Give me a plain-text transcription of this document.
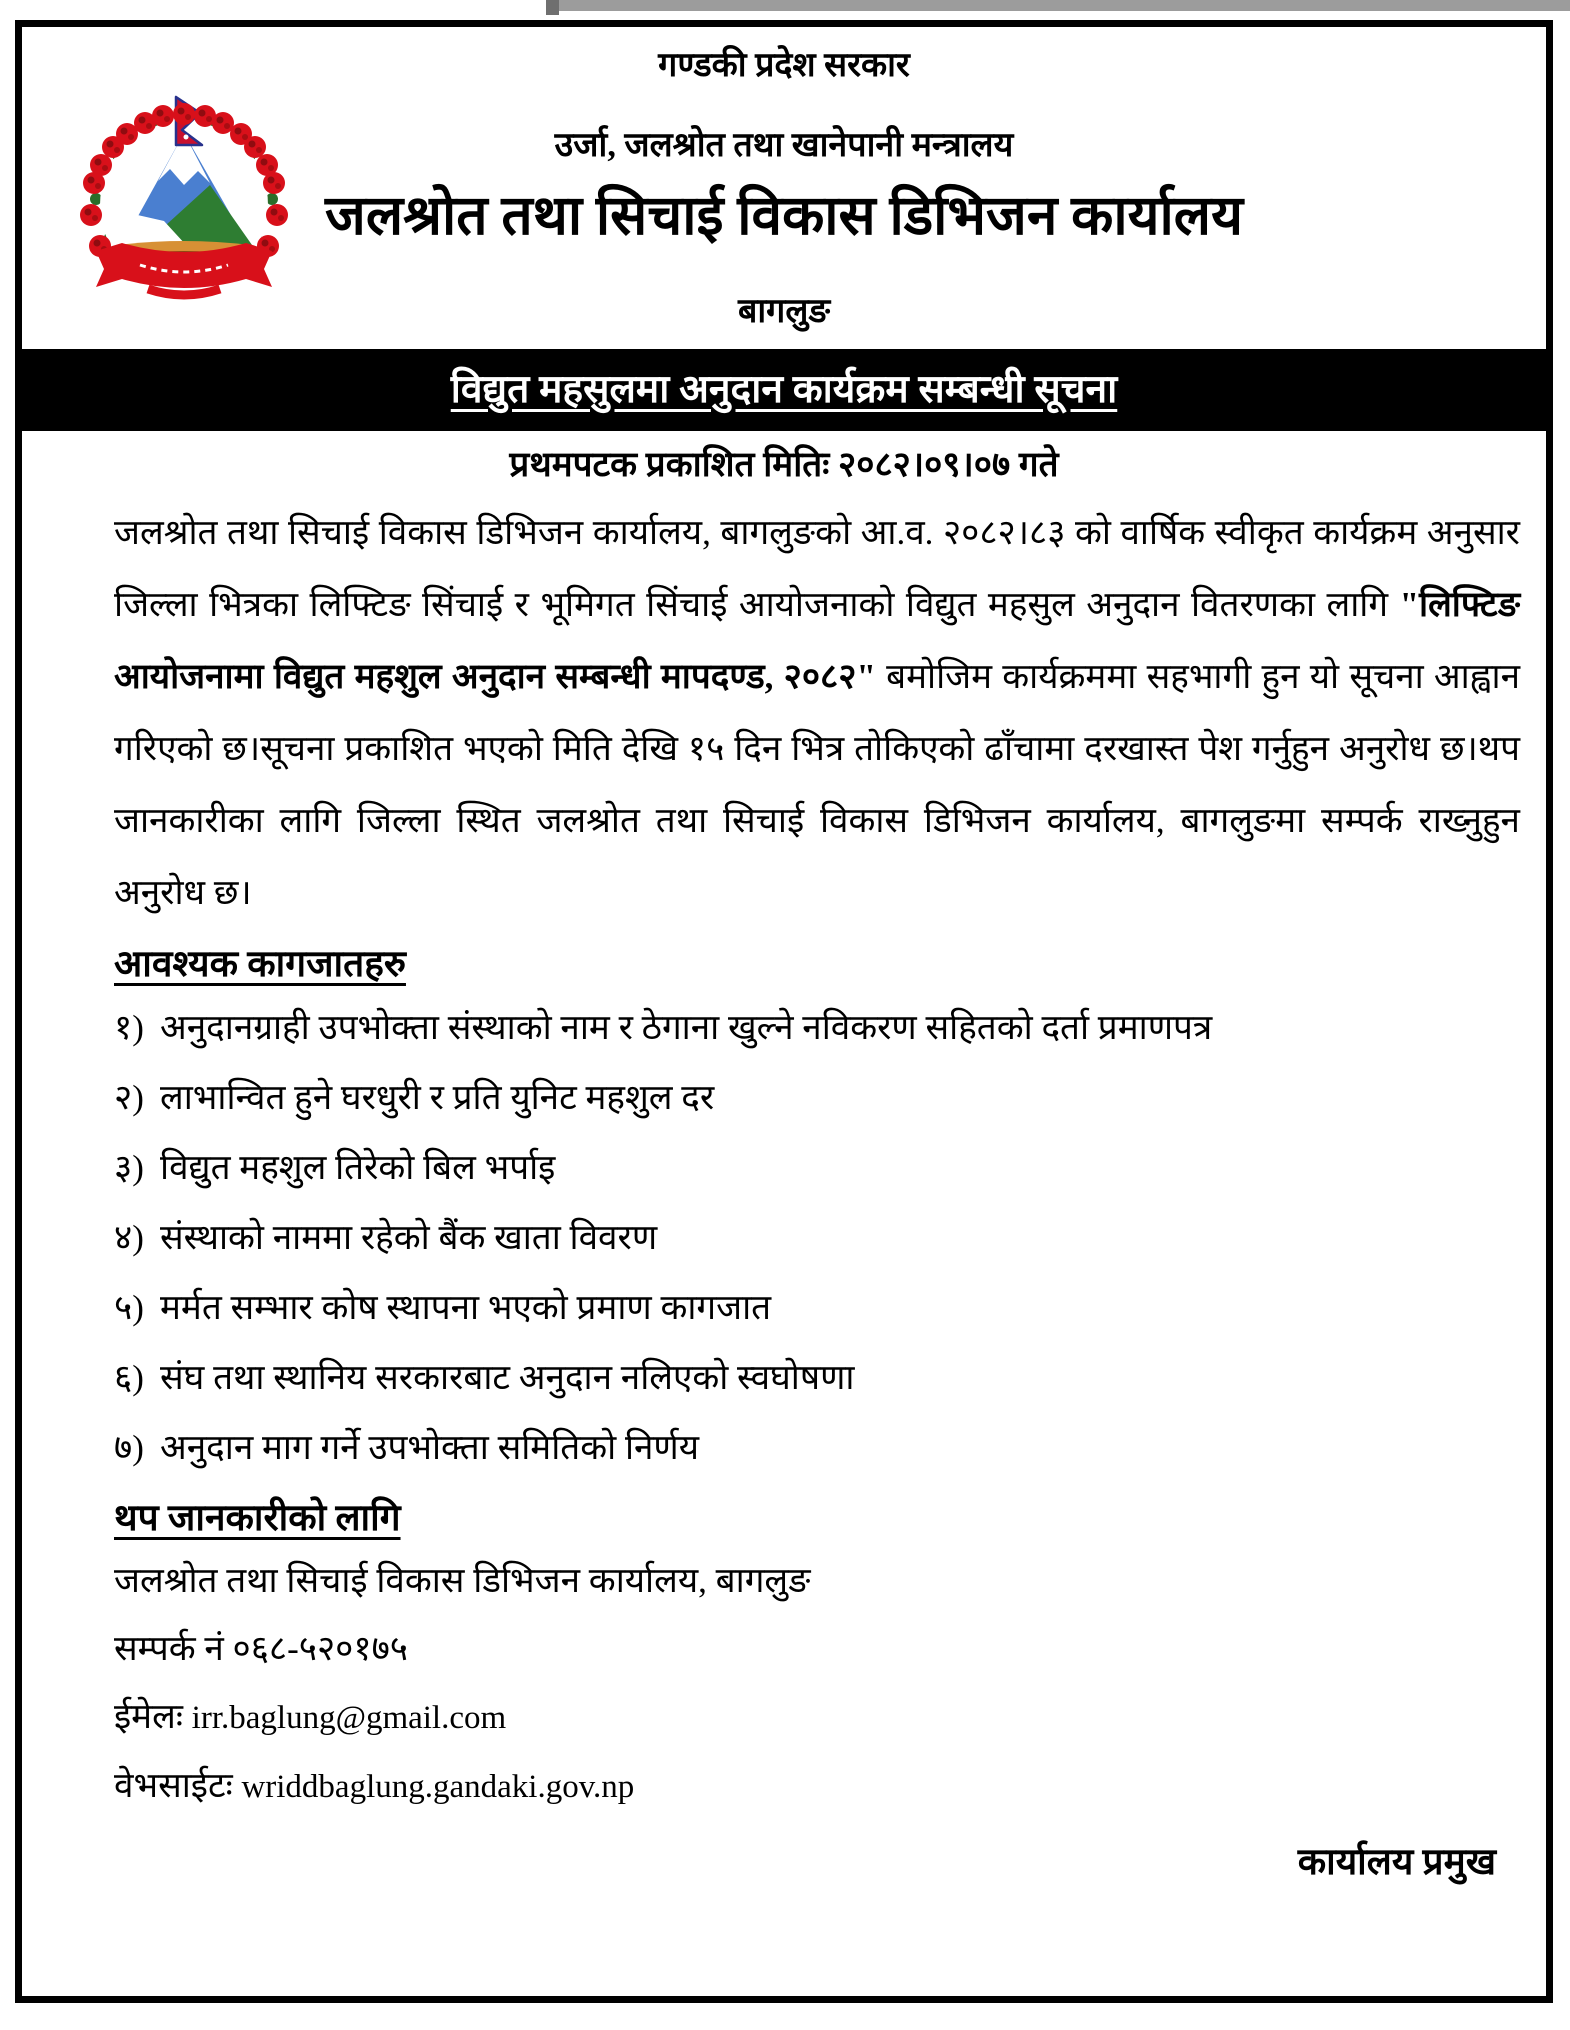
गण्डकी प्रदेश सरकार
उर्जा, जलश्रोत तथा खानेपानी मन्त्रालय
जलश्रोत तथा सिचाई विकास डिभिजन कार्यालय
बागलुङ
विद्युत महसुलमा अनुदान कार्यक्रम सम्बन्धी सूचना
प्रथमपटक प्रकाशित मितिः २०८२।०९।०७ गते

जलश्रोत तथा सिचाई विकास डिभिजन कार्यालय, बागलुङको आ.व. २०८२।८३ को वार्षिक स्वीकृत कार्यक्रम अनुसार जिल्ला भित्रका लिफ्टिङ सिंचाई र भूमिगत सिंचाई आयोजनाको विद्युत महसुल अनुदान वितरणका लागि "लिफ्टिङ आयोजनामा विद्युत महशुल अनुदान सम्बन्धी मापदण्ड, २०८२" बमोजिम कार्यक्रममा सहभागी हुन यो सूचना आह्वान गरिएको छ।सूचना प्रकाशित भएको मिति देखि १५ दिन भित्र तोकिएको ढाँचामा दरखास्त पेश गर्नुहुन अनुरोध छ।थप जानकारीका लागि जिल्ला स्थित जलश्रोत तथा सिचाई विकास डिभिजन कार्यालय, बागलुङमा सम्पर्क राख्नुहुन अनुरोध छ।

आवश्यक कागजातहरु
१) अनुदानग्राही उपभोक्ता संस्थाको नाम र ठेगाना खुल्ने नविकरण सहितको दर्ता प्रमाणपत्र
२) लाभान्वित हुने घरधुरी र प्रति युनिट महशुल दर
३) विद्युत महशुल तिरेको बिल भर्पाइ
४) संस्थाको नाममा रहेको बैंक खाता विवरण
५) मर्मत सम्भार कोष स्थापना भएको प्रमाण कागजात
६) संघ तथा स्थानिय सरकारबाट अनुदान नलिएको स्वघोषणा
७) अनुदान माग गर्ने उपभोक्ता समितिको निर्णय
थप जानकारीको लागि
जलश्रोत तथा सिचाई विकास डिभिजन कार्यालय, बागलुङ
सम्पर्क नं ०६८-५२०१७५
ईमेलः irr.baglung@gmail.com
वेभसाईटः wriddbaglung.gandaki.gov.np
कार्यालय प्रमुख
